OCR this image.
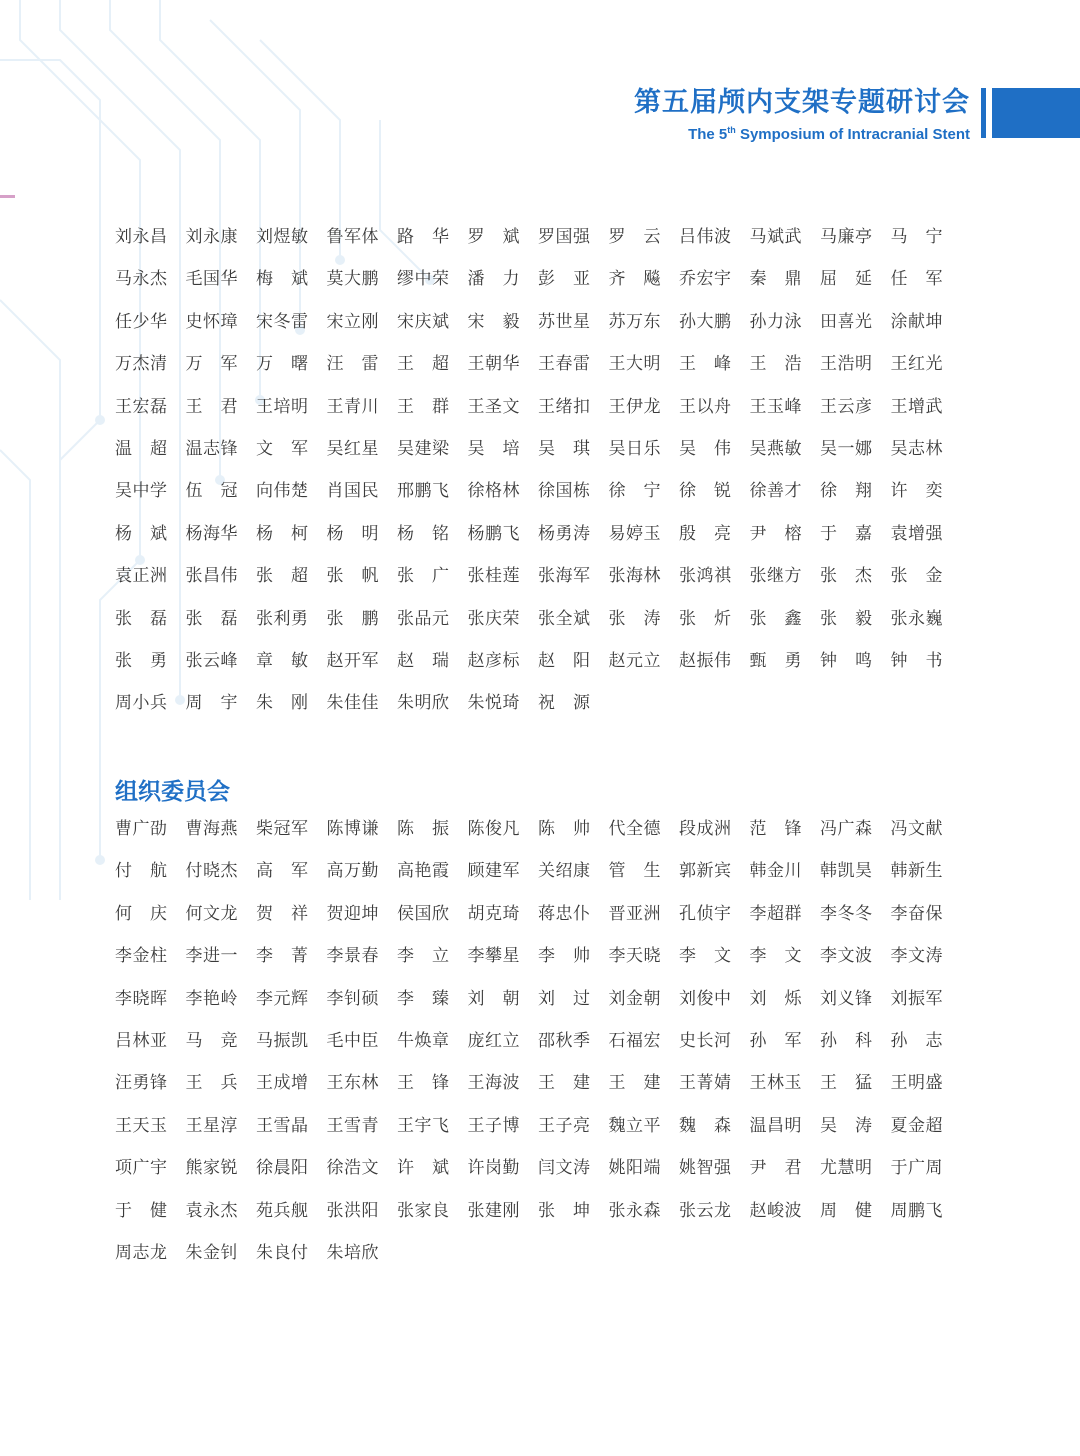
第五届颅内支架专题研讨会
The 5th Symposium of Intracranial Stent
刘永昌 刘永康 刘煜敏 鲁军体 路 华 罗 斌 罗国强 罗 云 吕伟波 马斌武 马廉亭 马 宁
马永杰 毛国华 梅 斌 莫大鹏 缪中荣 潘 力 彭 亚 齐 飚 乔宏宇 秦 鼎 屈 延 任 军
任少华 史怀璋 宋冬雷 宋立刚 宋庆斌 宋 毅 苏世星 苏万东 孙大鹏 孙力泳 田喜光 涂献坤
万杰清 万 军 万 曙 汪 雷 王 超 王朝华 王春雷 王大明 王 峰 王 浩 王浩明 王红光
王宏磊 王 君 王培明 王青川 王 群 王圣文 王绪扣 王伊龙 王以舟 王玉峰 王云彦 王增武
温 超 温志锋 文 军 吴红星 吴建梁 吴 培 吴 琪 吴日乐 吴 伟 吴燕敏 吴一娜 吴志林
吴中学 伍 冠 向伟楚 肖国民 邢鹏飞 徐格林 徐国栋 徐 宁 徐 锐 徐善才 徐 翔 许 奕
杨 斌 杨海华 杨 柯 杨 明 杨 铭 杨鹏飞 杨勇涛 易婷玉 殷 亮 尹 榕 于 嘉 袁增强
袁正洲 张昌伟 张 超 张 帆 张 广 张桂莲 张海军 张海林 张鸿祺 张继方 张 杰 张 金
张 磊 张 磊 张利勇 张 鹏 张品元 张庆荣 张全斌 张 涛 张 炘 张 鑫 张 毅 张永巍
张 勇 张云峰 章 敏 赵开军 赵 瑞 赵彦标 赵 阳 赵元立 赵振伟 甄 勇 钟 鸣 钟 书
周小兵 周 宇 朱 刚 朱佳佳 朱明欣 朱悦琦 祝 源
组织委员会
曹广劭 曹海燕 柴冠军 陈博谦 陈 振 陈俊凡 陈 帅 代全德 段成洲 范 锋 冯广森 冯文献
付 航 付晓杰 高 军 高万勤 高艳霞 顾建军 关绍康 管 生 郭新宾 韩金川 韩凯昊 韩新生
何 庆 何文龙 贺 祥 贺迎坤 侯国欣 胡克琦 蒋忠仆 晋亚洲 孔侦宇 李超群 李冬冬 李奋保
李金柱 李进一 李 菁 李景春 李 立 李攀星 李 帅 李天晓 李 文 李 文 李文波 李文涛
李晓晖 李艳岭 李元辉 李钊硕 李 臻 刘 朝 刘 过 刘金朝 刘俊中 刘 烁 刘义锋 刘振军
吕林亚 马 竞 马振凯 毛中臣 牛焕章 庞红立 邵秋季 石福宏 史长河 孙 军 孙 科 孙 志
汪勇锋 王 兵 王成增 王东林 王 锋 王海波 王 建 王 建 王菁婧 王林玉 王 猛 王明盛
王天玉 王星淳 王雪晶 王雪青 王宇飞 王子博 王子亮 魏立平 魏 森 温昌明 吴 涛 夏金超
项广宇 熊家锐 徐晨阳 徐浩文 许 斌 许岗勤 闫文涛 姚阳端 姚智强 尹 君 尤慧明 于广周
于 健 袁永杰 苑兵舰 张洪阳 张家良 张建刚 张 坤 张永森 张云龙 赵峻波 周 健 周鹏飞
周志龙 朱金钊 朱良付 朱培欣
